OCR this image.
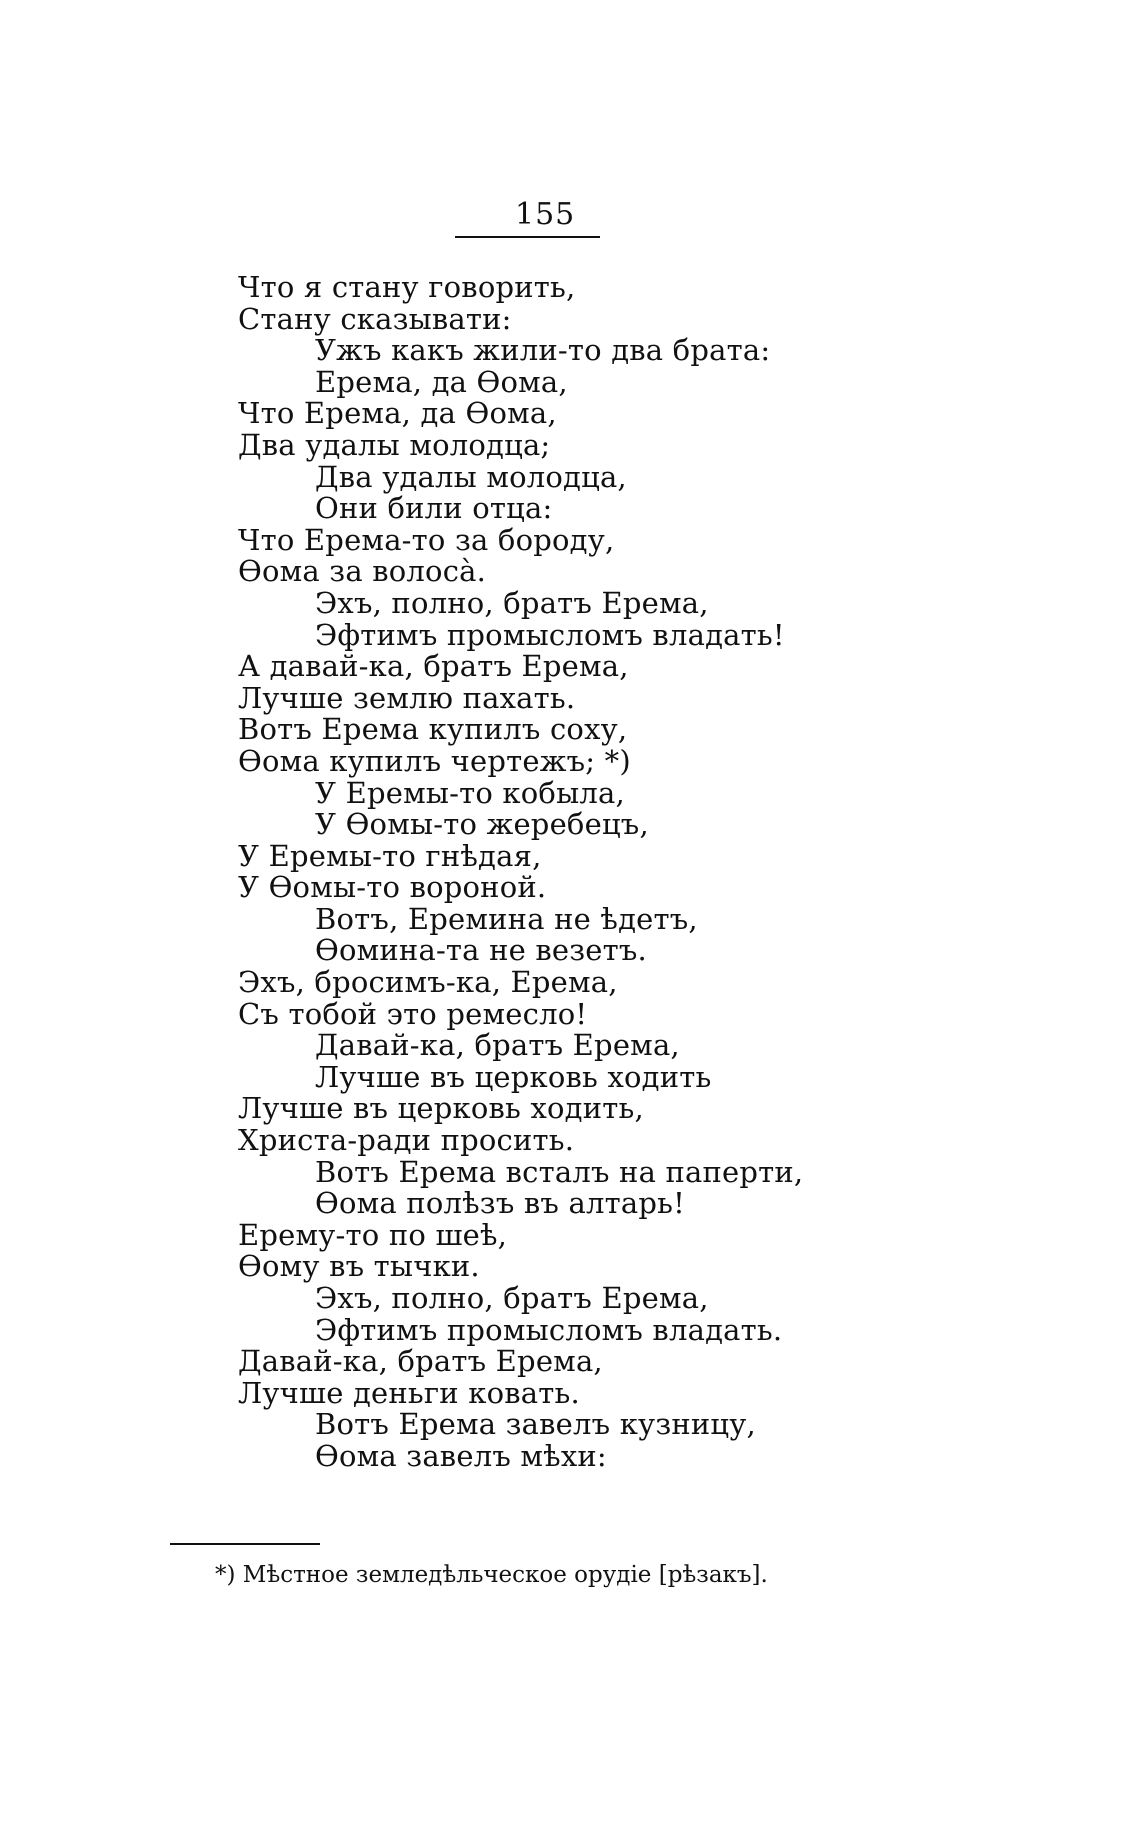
155
Что я стану говорить,
Стану сказывати:
Ужъ какъ жили-то два брата:
Ерема, да Ѳома,
Что Ерема, да Ѳома,
Два удалы молодца;
Два удалы молодца,
Они били отца:
Что Ерема-то за бороду,
Ѳома за волоса̀.
Эхъ, полно, братъ Ерема,
Эфтимъ промысломъ владать!
А давай-ка, братъ Ерема,
Лучше землю пахать.
Вотъ Ерема купилъ соху,
Ѳома купилъ чертежъ; *)
У Еремы-то кобыла,
У Ѳомы-то жеребецъ,
У Еремы-то гнѣдая,
У Ѳомы-то вороной.
Вотъ, Еремина не ѣдетъ,
Ѳомина-та не везетъ.
Эхъ, бросимъ-ка, Ерема,
Съ тобой это ремесло!
Давай-ка, братъ Ерема,
Лучше въ церковь ходить
Лучше въ церковь ходить,
Христа-ради просить.
Вотъ Ерема всталъ на паперти,
Ѳома полѣзъ въ алтарь!
Ерему-то по шеѣ,
Ѳому въ тычки.
Эхъ, полно, братъ Ерема,
Эфтимъ промысломъ владать.
Давай-ка, братъ Ерема,
Лучше деньги ковать.
Вотъ Ерема завелъ кузницу,
Ѳома завелъ мѣхи:
*) Мѣстное земледѣльческое орудіе [рѣзакъ].
